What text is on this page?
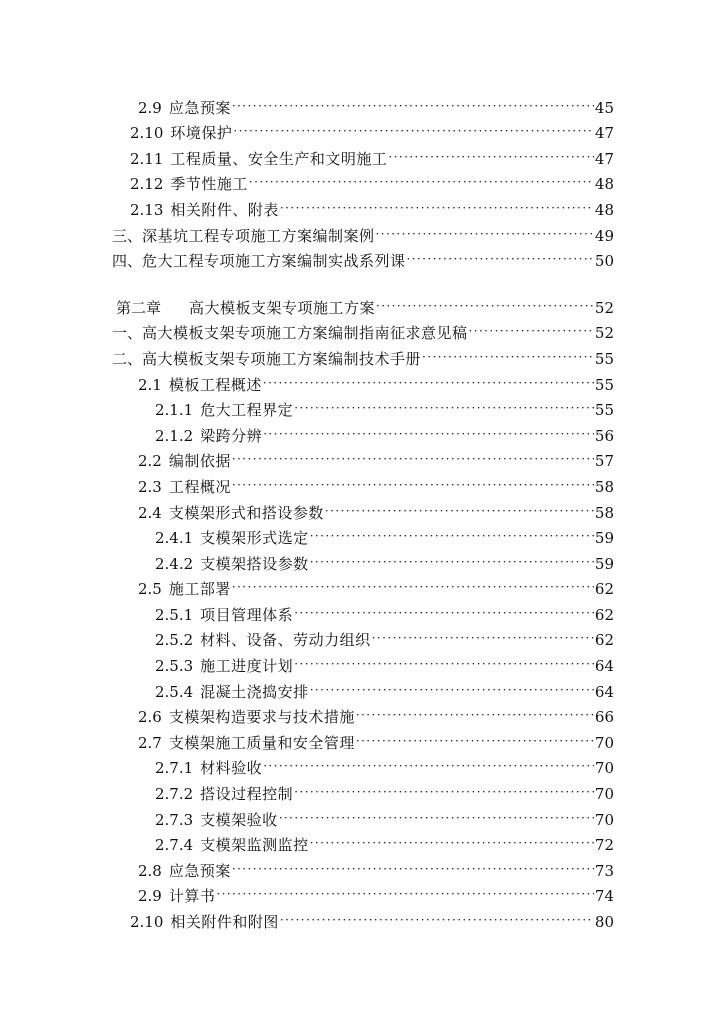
2.9 应急预案 ·····	45
2.10 环境保护 ·····	47
2.11 工程质量、安全生产和文明施工 ·····	47
2.12 季节性施工 ·····	48
2.13 相关附件、附表 ·····	48
三、 深基坑工程专项施工方案编制案例 ·····	49
四、 危大工程专项施工方案编制实战系列课 ·····	50
第二章 高大模板支架专项施工方案 ·····	52
一、 高大模板支架专项施工方案编制指南征求意见稿 ·····	52
二、 高大模板支架专项施工方案编制技术手册 ·····	55
2.1 模板工程概述 ·····	55
2.1.1 危大工程界定 ·····	55
2.1.2 梁跨分辨 ·····	56
2.2 编制依据 ·····	57
2.3 工程概况 ·····	58
2.4 支模架形式和搭设参数 ·····	58
2.4.1 支模架形式选定 ·····	59
2.4.2 支模架搭设参数 ·····	59
2.5 施工部署 ·····	62
2.5.1 项目管理体系 ·····	62
2.5.2 材料、设备、劳动力组织 ·····	62
2.5.3 施工进度计划 ·····	64
2.5.4 混凝土浇捣安排 ·····	64
2.6 支模架构造要求与技术措施 ·····	66
2.7 支模架施工质量和安全管理 ·····	70
2.7.1 材料验收 ·····	70
2.7.2 搭设过程控制 ·····	70
2.7.3 支模架验收 ·····	70
2.7.4 支模架监测监控 ·····	72
2.8 应急预案 ·····	73
2.9 计算书 ·····	74
2.10 相关附件和附图 ·····	80
